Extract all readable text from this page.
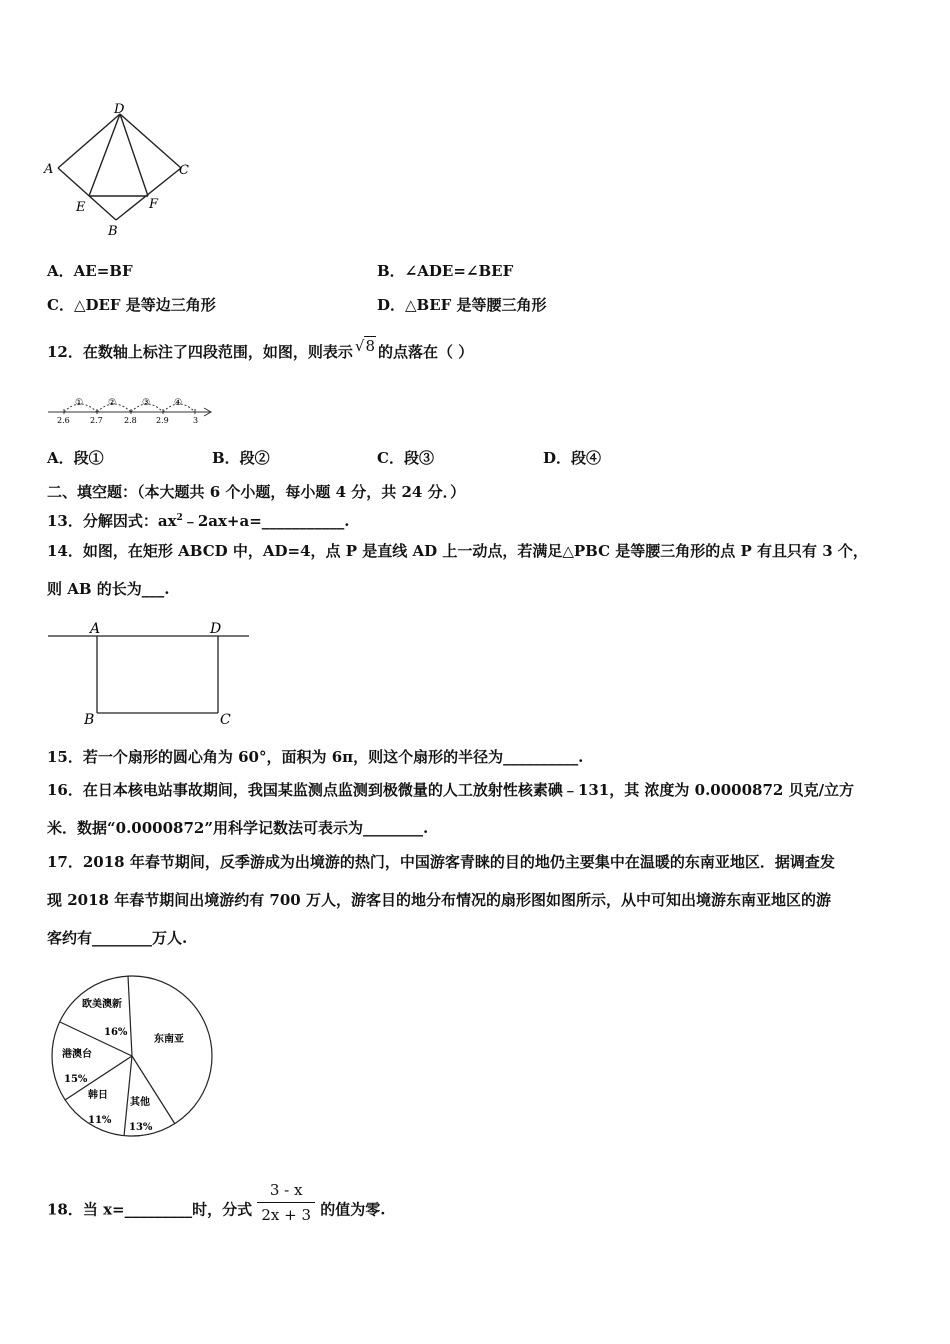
D
A	C
E	F
B
A．AE=BF	B．∠ADE=∠BEF
C．△DEF 是等边三角形	D．△BEF 是等腰三角形
12．在数轴上标注了四段范围，如图，则表示 √8 的点落在（ ）
①	②	③	④
2.6	2.7	2.8 2.9	3
A．段①	B．段②	C．段③	D．段④
二、填空题：（本大题共 6 个小题，每小题 4 分，共 24 分．）
13．分解因式：$ax^2﹣2ax+a=\_\_\_\_\_\_\_\_\_\_\_$.
14．如图，在矩形 ABCD 中，AD=4，点 P 是直线 AD 上一动点，若满足△PBC 是等腰三角形的点 P 有且只有 3 个，
则 AB 的长为___.
A	D
B	C
15．若一个扇形的圆心角为 60°，面积为 6π，则这个扇形的半径为__________.
16．在日本核电站事故期间，我国某监测点监测到极微量的人工放射性核素碘﹣131，其 浓度为 0.0000872 贝克/立方
米．数据“0.0000872”用科学记数法可表示为________.
17．2018 年春节期间，反季游成为出境游的热门，中国游客青睐的目的地仍主要集中在温暖的东南亚地区．据调查发
现 2018 年春节期间出境游约有 700 万人，游客目的地分布情况的扇形图如图所示，从中可知出境游东南亚地区的游
客约有________万人.
欧美澳新
16%
港澳台
15%
韩日
11%
其他
13%
东南亚
18．当 x=_________时，分式 $\frac{3 - x}{2x + 3}$ 的值为零.
